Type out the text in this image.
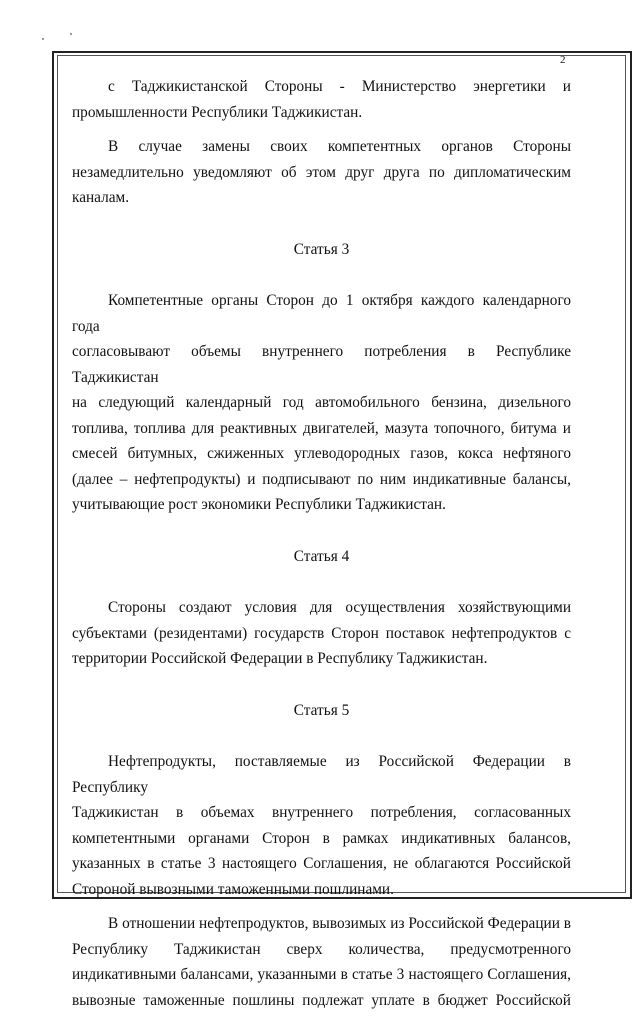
2
с Таджикистанской Стороны - Министерство энергетики и
промышленности Республики Таджикистан.
В случае замены своих компетентных органов Стороны
незамедлительно уведомляют об этом друг друга по дипломатическим
каналам.
Статья 3
Компетентные органы Сторон до 1 октября каждого календарного года
согласовывают объемы внутреннего потребления в Республике Таджикистан
на следующий календарный год автомобильного бензина, дизельного
топлива, топлива для реактивных двигателей, мазута топочного, битума и
смесей битумных, сжиженных углеводородных газов, кокса нефтяного
(далее – нефтепродукты) и подписывают по ним индикативные балансы,
учитывающие рост экономики Республики Таджикистан.
Статья 4
Стороны создают условия для осуществления хозяйствующими
субъектами (резидентами) государств Сторон поставок нефтепродуктов с
территории Российской Федерации в Республику Таджикистан.
Статья 5
Нефтепродукты, поставляемые из Российской Федерации в Республику
Таджикистан в объемах внутреннего потребления, согласованных
компетентными органами Сторон в рамках индикативных балансов,
указанных в статье 3 настоящего Соглашения, не облагаются Российской
Стороной вывозными таможенными пошлинами.
В отношении нефтепродуктов, вывозимых из Российской Федерации в
Республику Таджикистан сверх количества, предусмотренного
индикативными балансами, указанными в статье 3 настоящего Соглашения,
вывозные таможенные пошлины подлежат уплате в бюджет Российской
